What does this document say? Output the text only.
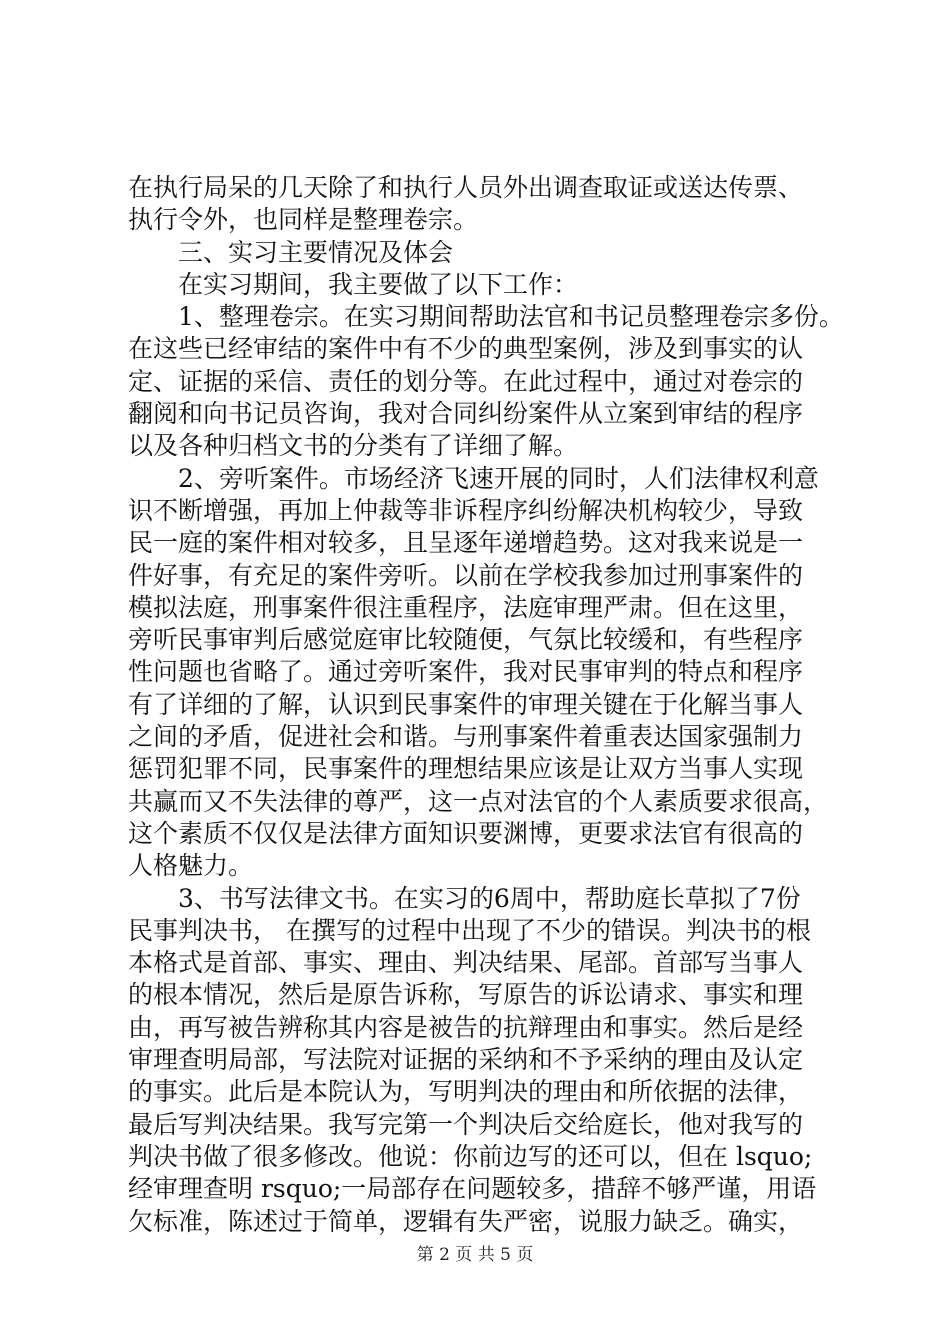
在执行局呆的几天除了和执行人员外出调查取证或送达传票、
执行令外，也同样是整理卷宗。
三、实习主要情况及体会
在实习期间，我主要做了以下工作：
1、整理卷宗。在实习期间帮助法官和书记员整理卷宗多份。
在这些已经审结的案件中有不少的典型案例，涉及到事实的认
定、证据的采信、责任的划分等。在此过程中，通过对卷宗的
翻阅和向书记员咨询，我对合同纠纷案件从立案到审结的程序
以及各种归档文书的分类有了详细了解。
2、旁听案件。市场经济飞速开展的同时，人们法律权利意
识不断增强，再加上仲裁等非诉程序纠纷解决机构较少，导致
民一庭的案件相对较多，且呈逐年递增趋势。这对我来说是一
件好事，有充足的案件旁听。以前在学校我参加过刑事案件的
模拟法庭，刑事案件很注重程序，法庭审理严肃。但在这里，
旁听民事审判后感觉庭审比较随便，气氛比较缓和，有些程序
性问题也省略了。通过旁听案件，我对民事审判的特点和程序
有了详细的了解，认识到民事案件的审理关键在于化解当事人
之间的矛盾，促进社会和谐。与刑事案件着重表达国家强制力
惩罚犯罪不同，民事案件的理想结果应该是让双方当事人实现
共赢而又不失法律的尊严，这一点对法官的个人素质要求很高，
这个素质不仅仅是法律方面知识要渊博，更要求法官有很高的
人格魅力。
3、书写法律文书。在实习的6周中，帮助庭长草拟了7份
民事判决书， 在撰写的过程中出现了不少的错误。判决书的根
本格式是首部、事实、理由、判决结果、尾部。首部写当事人
的根本情况，然后是原告诉称，写原告的诉讼请求、事实和理
由，再写被告辨称其内容是被告的抗辩理由和事实。然后是经
审理查明局部，写法院对证据的采纳和不予采纳的理由及认定
的事实。此后是本院认为，写明判决的理由和所依据的法律，
最后写判决结果。我写完第一个判决后交给庭长，他对我写的
判决书做了很多修改。他说：你前边写的还可以，但在 lsquo;
经审理查明 rsquo;一局部存在问题较多，措辞不够严谨，用语
欠标准，陈述过于简单，逻辑有失严密，说服力缺乏。确实，
第 2 页 共 5 页
